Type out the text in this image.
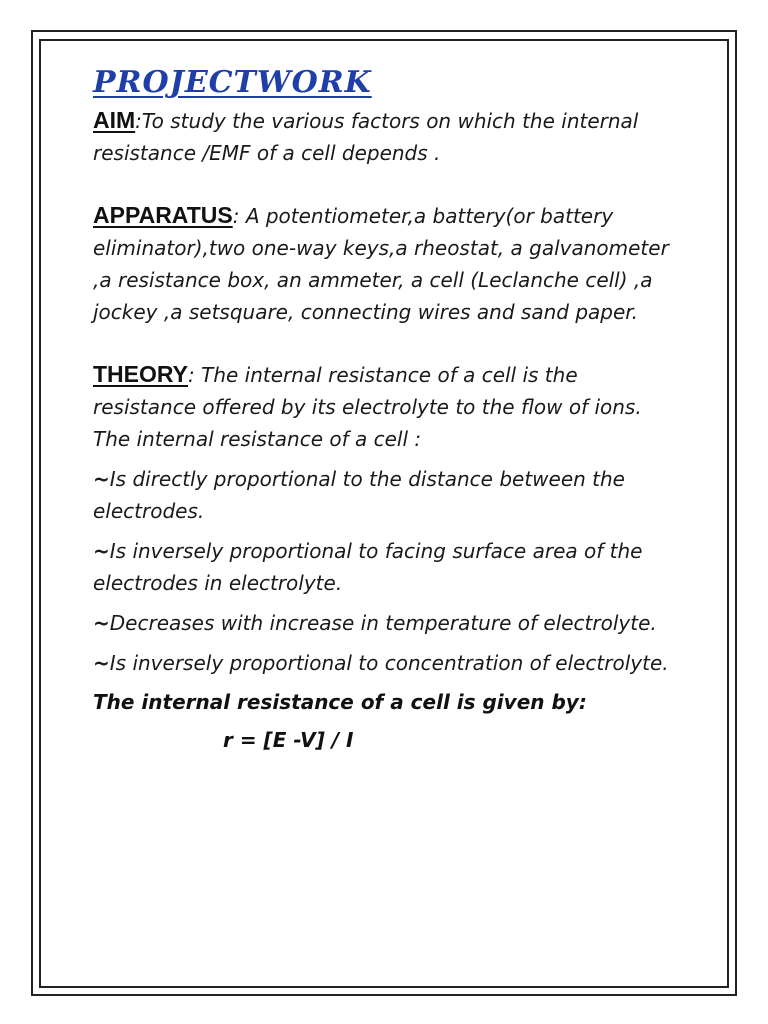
PROJECTWORK

AIM:To study the various factors on which the internal resistance /EMF of a cell depends .

APPARATUS: A potentiometer,a battery(or battery eliminator),two one-way keys,a rheostat, a galvanometer ,a resistance box, an ammeter, a cell (Leclanche cell) ,a jockey ,a setsquare, connecting wires and sand paper.

THEORY: The internal resistance of a cell is the resistance offered by its electrolyte to the flow of ions. The internal resistance of a cell :

~Is directly proportional to the distance between the electrodes.

~Is inversely proportional to facing surface area of the electrodes in electrolyte.

~Decreases with increase in temperature of electrolyte.

~Is inversely proportional to concentration of electrolyte.

The internal resistance of a cell is given by:

r = [E -V] / I
